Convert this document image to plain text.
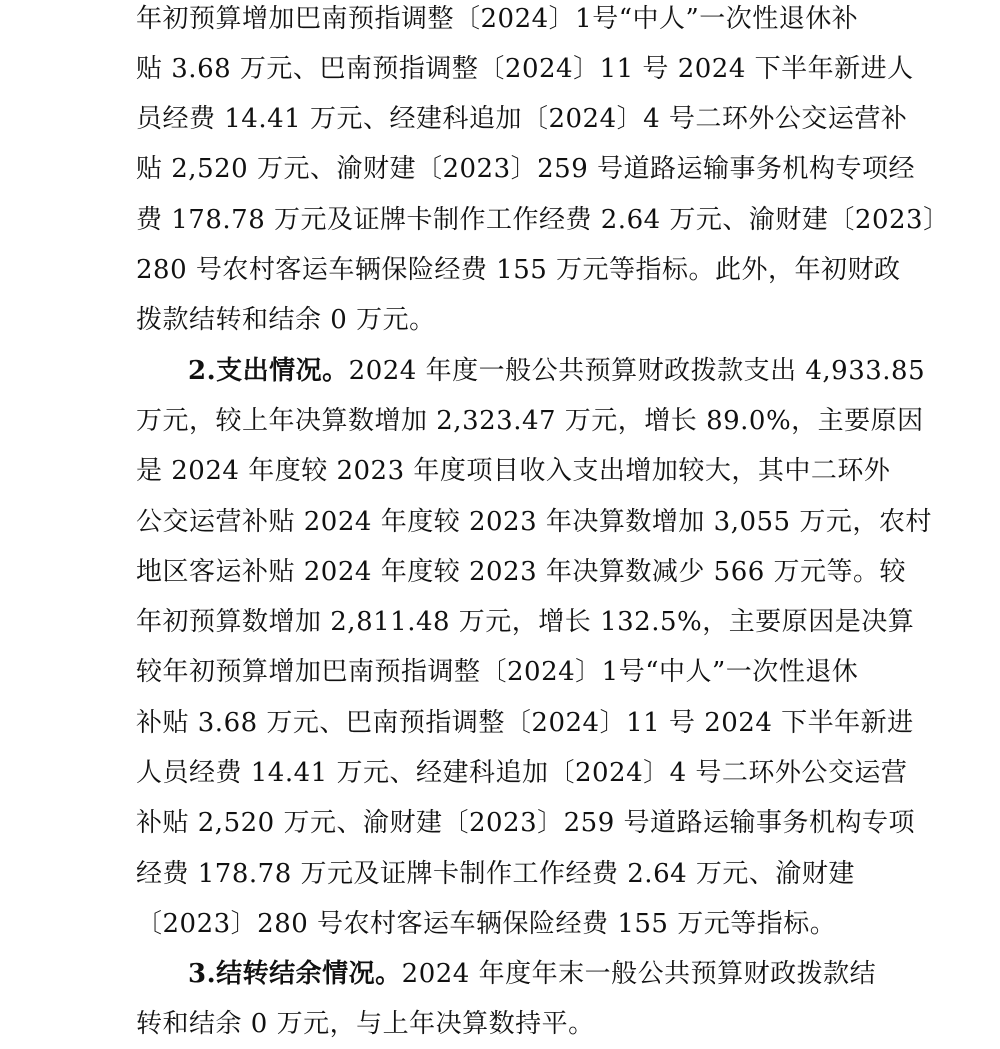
年初预算增加巴南预指调整〔2024〕1号“中人”一次性退休补
贴 3.68 万元、巴南预指调整〔2024〕11 号 2024 下半年新进人
员经费 14.41 万元、经建科追加〔2024〕4 号二环外公交运营补
贴 2,520 万元、渝财建〔2023〕259 号道路运输事务机构专项经
费 178.78 万元及证牌卡制作工作经费 2.64 万元、渝财建〔2023〕
280 号农村客运车辆保险经费 155 万元等指标。此外，年初财政
拨款结转和结余 0 万元。
2.支出情况。2024 年度一般公共预算财政拨款支出 4,933.85
万元，较上年决算数增加 2,323.47 万元，增长 89.0%，主要原因
是 2024 年度较 2023 年度项目收入支出增加较大，其中二环外
公交运营补贴 2024 年度较 2023 年决算数增加 3,055 万元，农村
地区客运补贴 2024 年度较 2023 年决算数减少 566 万元等。较
年初预算数增加 2,811.48 万元，增长 132.5%，主要原因是决算
较年初预算增加巴南预指调整〔2024〕1号“中人”一次性退休
补贴 3.68 万元、巴南预指调整〔2024〕11 号 2024 下半年新进
人员经费 14.41 万元、经建科追加〔2024〕4 号二环外公交运营
补贴 2,520 万元、渝财建〔2023〕259 号道路运输事务机构专项
经费 178.78 万元及证牌卡制作工作经费 2.64 万元、渝财建
〔2023〕280 号农村客运车辆保险经费 155 万元等指标。
3.结转结余情况。2024 年度年末一般公共预算财政拨款结
转和结余 0 万元，与上年决算数持平。
